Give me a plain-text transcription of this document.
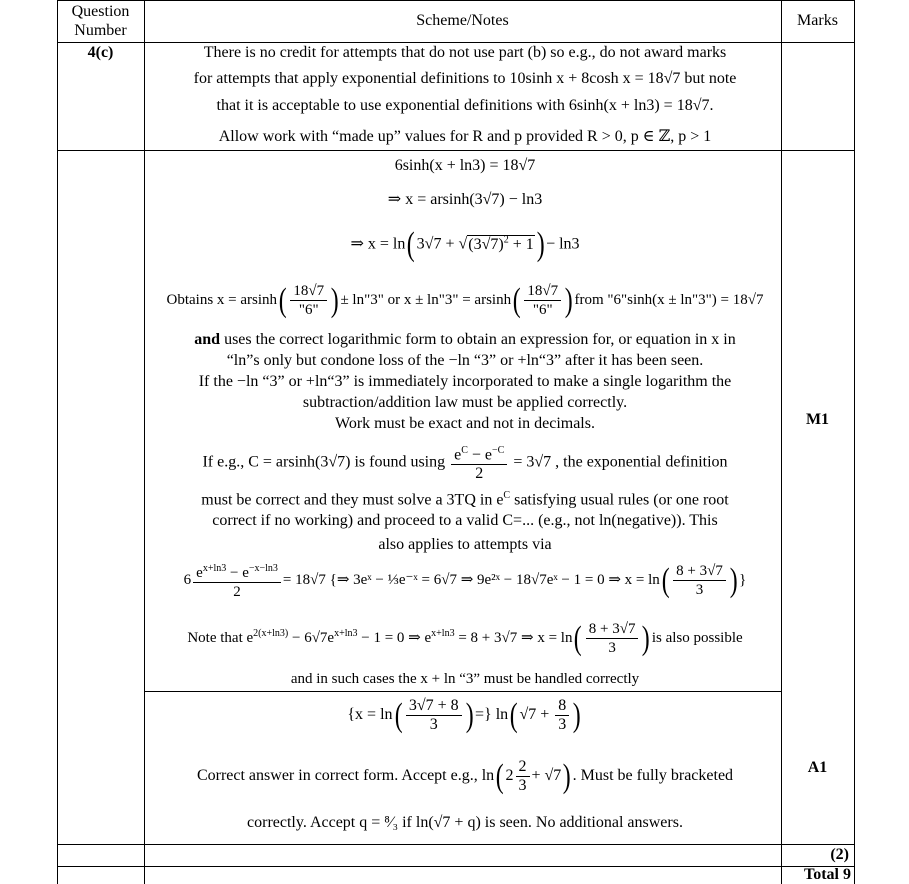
Question
Number
Scheme/Notes	Marks
4(c)	There is no credit for attempts that do not use part (b) so e.g., do not award marks
for attempts that apply exponential definitions to 10sinh x + 8cosh x = 18√7 but note
that it is acceptable to use exponential definitions with 6sinh(x + ln3) = 18√7.
Allow work with “made up” values for R and p provided R > 0, p ∈ ℤ, p > 1
6sinh(x + ln3) = 18√7
⇒ x = arsinh(3√7) − ln3
⇒ x = ln( $3√7 + √(3√7)^2 + 1) - \ln 3$
Obtains $x = arsinh( \frac{18√7}{"6"}$ ) ± ln"3" or x ± ln"3" = $arsinh( \frac{18√7}{"6"}$ ) from "6"sinh(x ± ln"3") = 18√7
and uses the correct logarithmic form to obtain an expression for, or equation in x in
“ln”s only but condone loss of the −ln “3” or +ln“3” after it has been seen.
If the −ln “3” or +ln“3” is immediately incorporated to make a single logarithm the
subtraction/addition law must be applied correctly.
Work must be exact and not in decimals.
If e.g., C = arsinh(3√7) is found using $\frac{e^C - e^{-C}}{2} = 3√7$ , the exponential definition
must be correct and they must solve a 3TQ in $e^C$ satisfying usual rules (or one root
correct if no working) and proceed to a valid C=... (e.g., not ln(negative)). This
also applies to attempts via
$6 \frac{e^{x+ln3} - e^{-x-ln3}}{2} = 18√7$ {⇒ 3eˣ − ⅓e⁻ˣ = 6√7 ⇒ 9e²ˣ − 18√7eˣ − 1 = 0 ⇒ $x = \ln( \frac{8 + 3√7}{3}$ ) }
Note that $e^{2(x+ln3)} - 6√7e^{x+ln3} - 1 = 0$ ⇒ $e^{x+ln3} = 8 + 3√7$ ⇒ $x = \ln( \frac{8 + 3√7}{3}$ ) is also possible
and in such cases the x + ln “3” must be handled correctly
{$x = \ln( \frac{3√7 + 8}{3}$ ) =} ln( $√7 + \frac{8}{3}$ )
Correct answer in correct form. Accept e.g., ln( $2 \frac{2}{3} + √7$) . Must be fully bracketed
correctly. Accept q = ⁸⁄₃ if ln(√7 + q) is seen. No additional answers.
M1
A1
(2)
Total 9
